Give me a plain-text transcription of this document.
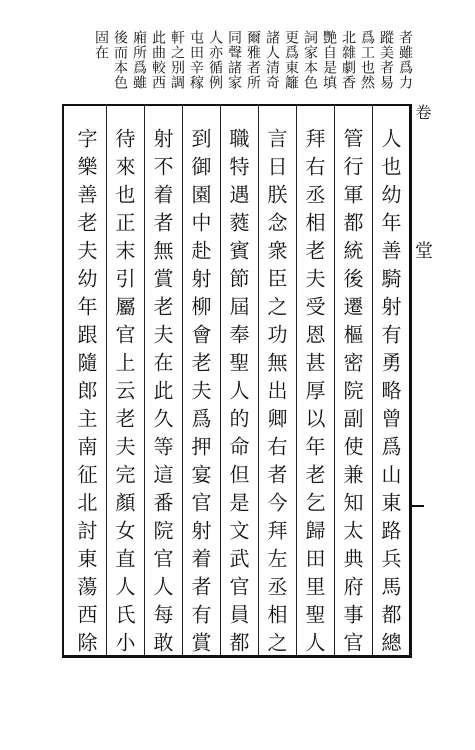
者雖爲力
蹤美者易
爲工也然
北雜劇香
艷自是填
詞家本色
更爲東籬
諸人清奇
爾雅者所
同聲諸家
人亦循例
屯田辛稼
軒之別調
此曲較西
廂所爲雖
後而本色
固在
卷
堂
人也幼年善騎射有勇略曾爲山東路兵馬都總
管行軍都統後遷樞密院副使兼知太典府事官
拜右丞相老夫受恩甚厚以年老乞歸田里聖人
言日朕念衆臣之功無出卿右者今拜左丞相之
職特遇蕤賓節屆奉聖人的命但是文武官員都
到御園中赴射柳會老夫爲押宴官射着者有賞
射不着者無賞老夫在此久等這番院官人每敢
待來也正末引屬官上云老夫完顏女直人氏小
字樂善老夫幼年跟隨郎主南征北討東蕩西除
